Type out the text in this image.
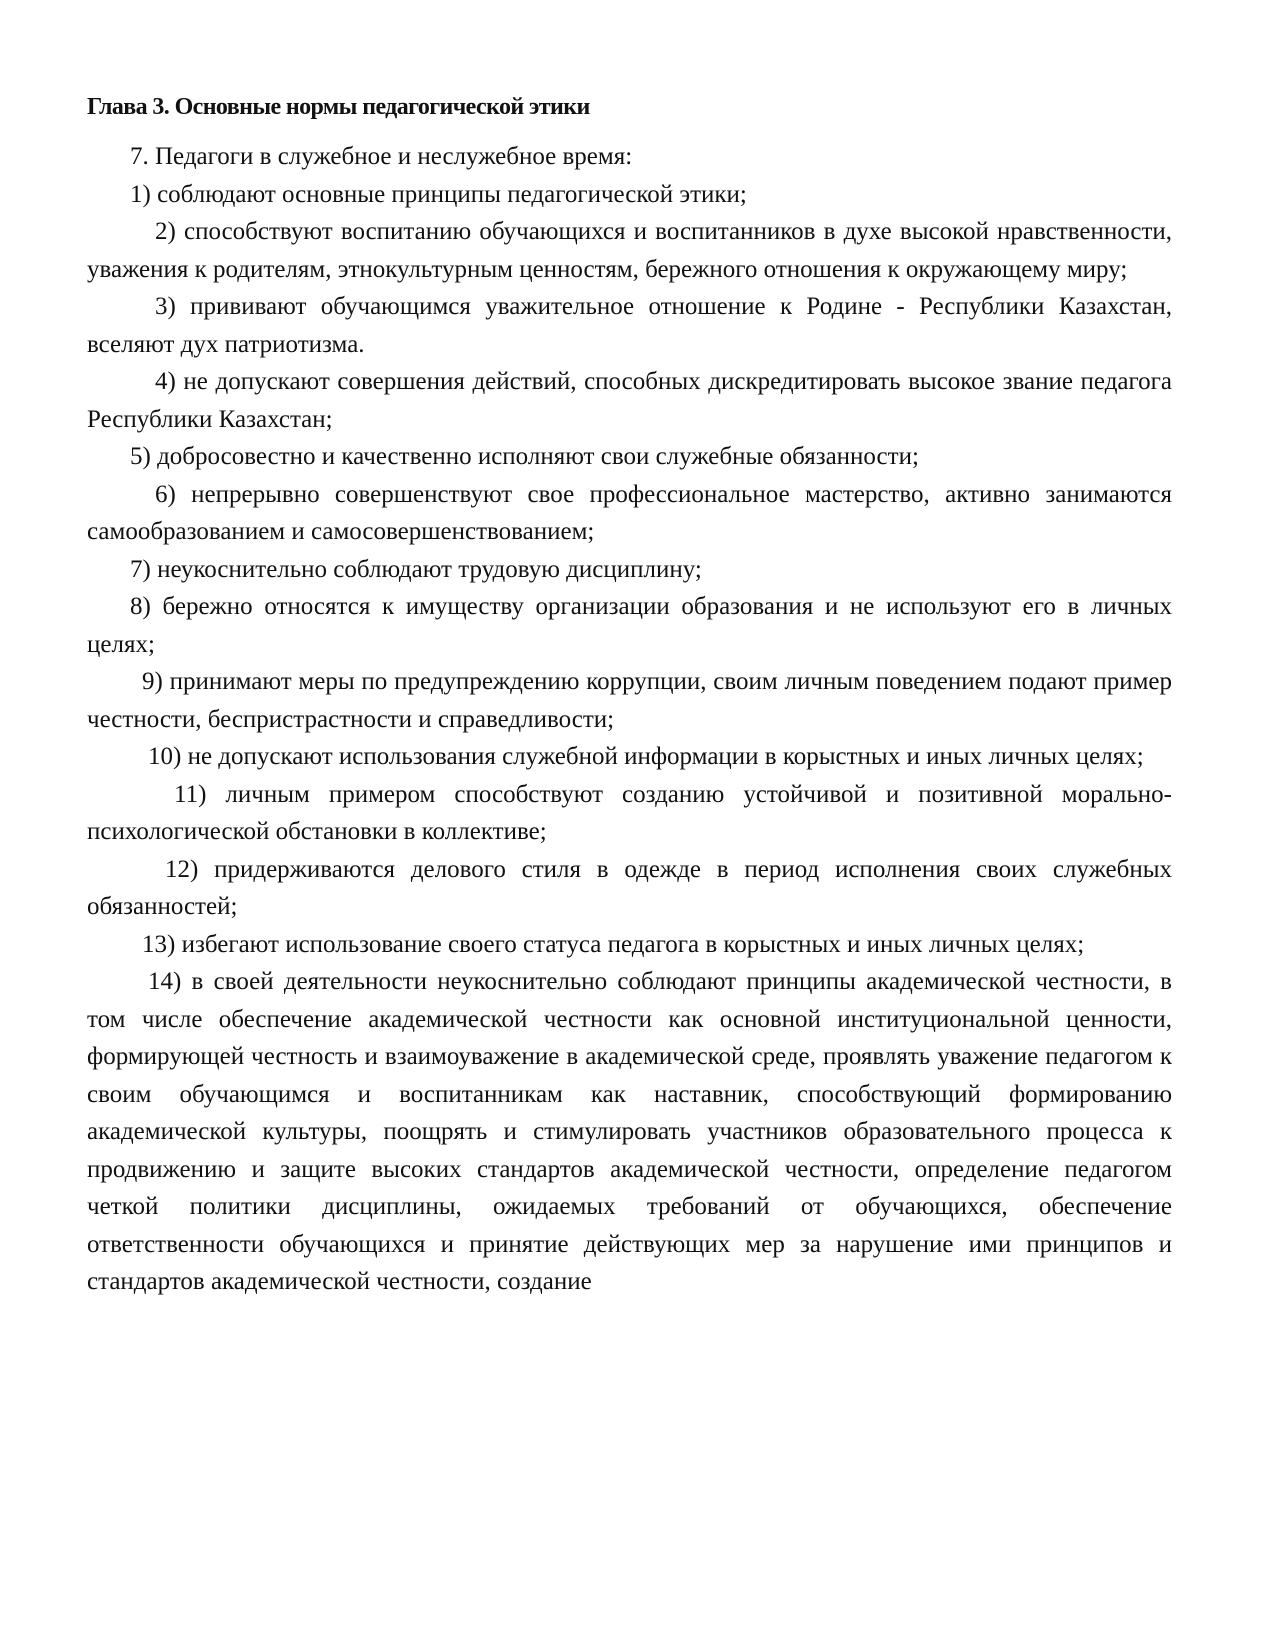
Глава 3. Основные нормы педагогической этики

7. Педагоги в служебное и неслужебное время:

1) соблюдают основные принципы педагогической этики;

2) способствуют воспитанию обучающихся и воспитанников в духе высокой нравственности, уважения к родителям, этнокультурным ценностям, бережного отношения к окружающему миру;

3) прививают обучающимся уважительное отношение к Родине - Республики Казахстан, вселяют дух патриотизма.

4) не допускают совершения действий, способных дискредитировать высокое звание педагога Республики Казахстан;

5) добросовестно и качественно исполняют свои служебные обязанности;

6) непрерывно совершенствуют свое профессиональное мастерство, активно занимаются самообразованием и самосовершенствованием;

7) неукоснительно соблюдают трудовую дисциплину;

8) бережно относятся к имуществу организации образования и не используют его в личных целях;

9) принимают меры по предупреждению коррупции, своим личным поведением подают пример честности, беспристрастности и справедливости;

10) не допускают использования служебной информации в корыстных и иных личных целях;

11) личным примером способствуют созданию устойчивой и позитивной морально-психологической обстановки в коллективе;

12) придерживаются делового стиля в одежде в период исполнения своих служебных обязанностей;

13) избегают использование своего статуса педагога в корыстных и иных личных целях;

14) в своей деятельности неукоснительно соблюдают принципы академической честности, в том числе обеспечение академической честности как основной институциональной ценности, формирующей честность и взаимоуважение в академической среде, проявлять уважение педагогом к своим обучающимся и воспитанникам как наставник, способствующий формированию академической культуры, поощрять и стимулировать участников образовательного процесса к продвижению и защите высоких стандартов академической честности, определение педагогом четкой политики дисциплины, ожидаемых требований от обучающихся, обеспечение ответственности обучающихся и принятие действующих мер за нарушение ими принципов и стандартов академической честности, создание
